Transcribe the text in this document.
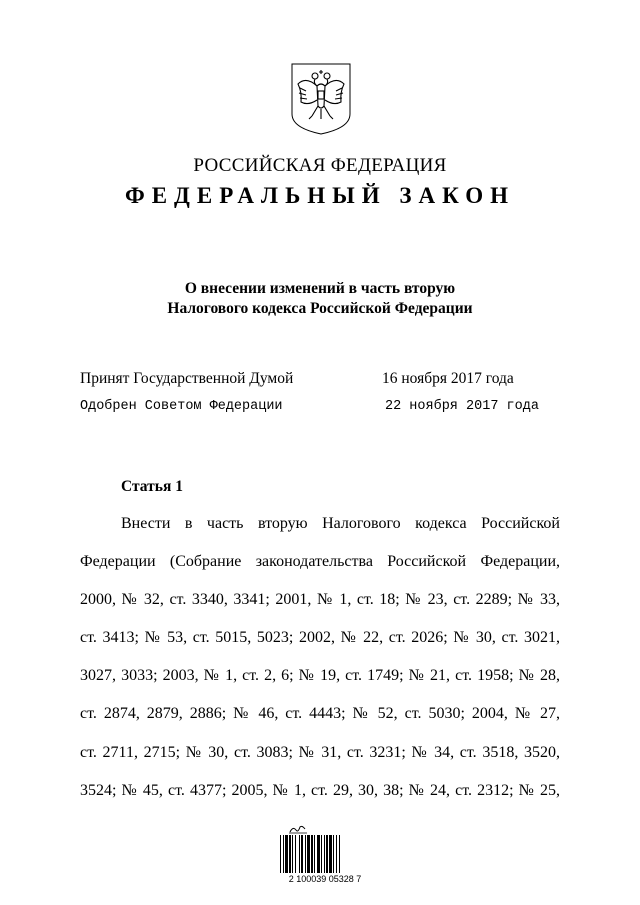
РОССИЙСКАЯ ФЕДЕРАЦИЯ
ФЕДЕРАЛЬНЫЙ ЗАКОН
О внесении изменений в часть вторую
Налогового кодекса Российской Федерации
Принят Государственной Думой	16 ноября 2017 года
Одобрен Советом Федерации	22 ноября 2017 года
Статья 1
Внести в часть вторую Налогового кодекса Российской
Федерации (Собрание законодательства Российской Федерации,
2000, № 32, ст. 3340, 3341; 2001, № 1, ст. 18; № 23, ст. 2289; № 33,
ст. 3413; № 53, ст. 5015, 5023; 2002, № 22, ст. 2026; № 30, ст. 3021,
3027, 3033; 2003, № 1, ст. 2, 6; № 19, ст. 1749; № 21, ст. 1958; № 28,
ст. 2874, 2879, 2886; № 46, ст. 4443; № 52, ст. 5030; 2004, № 27,
ст. 2711, 2715; № 30, ст. 3083; № 31, ст. 3231; № 34, ст. 3518, 3520,
3524; № 45, ст. 4377; 2005, № 1, ст. 29, 30, 38; № 24, ст. 2312; № 25,
2 100039 05328 7
